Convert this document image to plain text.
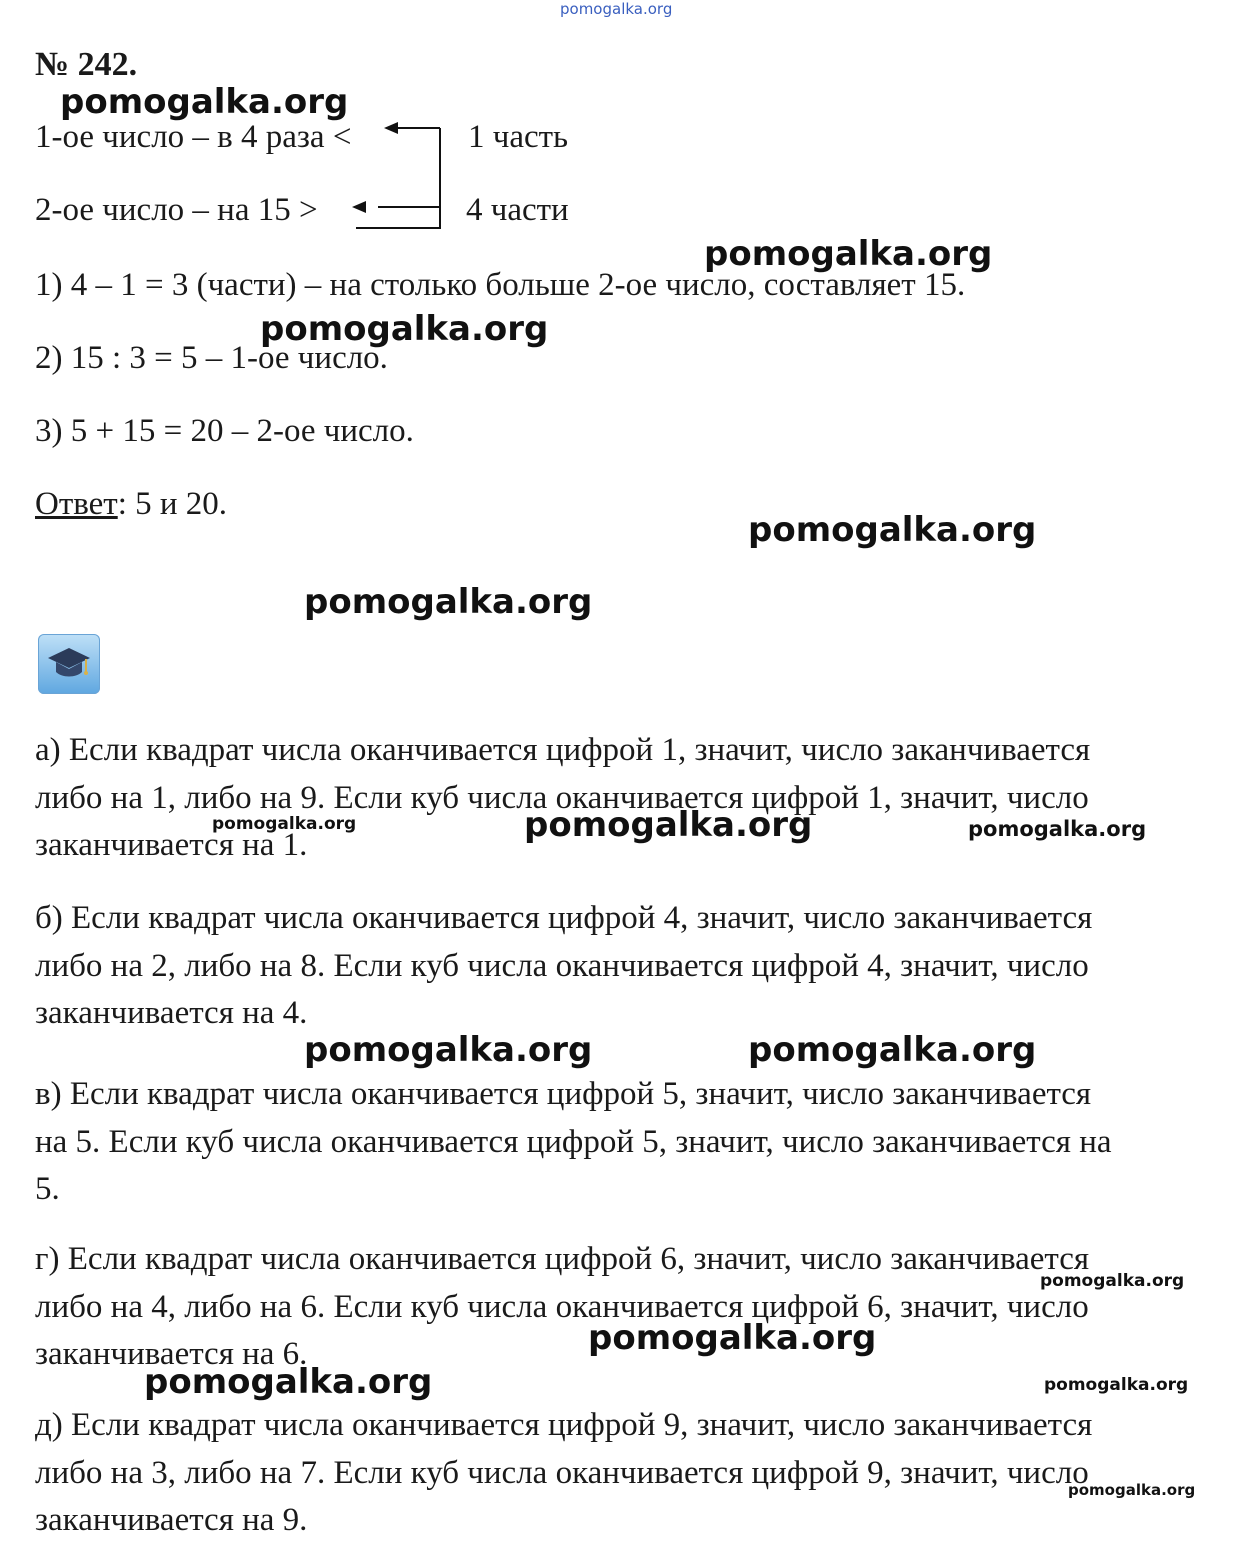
pomogalka.org
№ 242.
1-ое число – в 4 раза <
2-ое число – на 15 >
1 часть
4 части
1) 4 – 1 = 3 (части) – на столько больше 2-ое число, составляет 15.
2) 15 : 3 = 5 – 1-ое число.
3) 5 + 15 = 20 – 2-ое число.
Ответ: 5 и 20.
а) Если квадрат числа оканчивается цифрой 1, значит, число заканчивается
либо на 1, либо на 9. Если куб числа оканчивается цифрой 1, значит, число
заканчивается на 1.
б) Если квадрат числа оканчивается цифрой 4, значит, число заканчивается
либо на 2, либо на 8. Если куб числа оканчивается цифрой 4, значит, число
заканчивается на 4.
в) Если квадрат числа оканчивается цифрой 5, значит, число заканчивается
на 5. Если куб числа оканчивается цифрой 5, значит, число заканчивается на
5.
г) Если квадрат числа оканчивается цифрой 6, значит, число заканчивается
либо на 4, либо на 6. Если куб числа оканчивается цифрой 6, значит, число
заканчивается на 6.
д) Если квадрат числа оканчивается цифрой 9, значит, число заканчивается
либо на 3, либо на 7. Если куб числа оканчивается цифрой 9, значит, число
заканчивается на 9.
pomogalka.org
pomogalka.org
pomogalka.org
pomogalka.org
pomogalka.org
pomogalka.org	pomogalka.org	pomogalka.org
pomogalka.org	pomogalka.org
pomogalka.org
pomogalka.org
pomogalka.org	pomogalka.org
pomogalka.org
